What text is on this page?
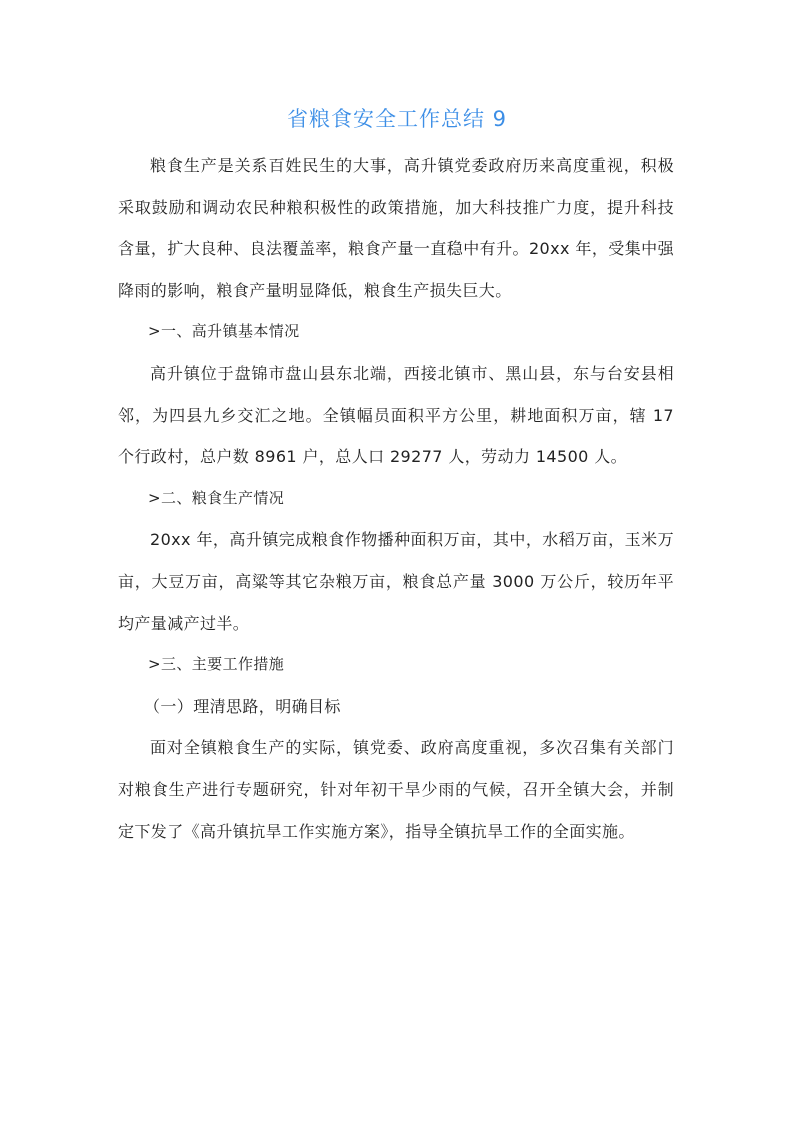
省粮食安全工作总结 9

粮食生产是关系百姓民生的大事，高升镇党委政府历来高度重视，积极采取鼓励和调动农民种粮积极性的政策措施，加大科技推广力度，提升科技含量，扩大良种、良法覆盖率，粮食产量一直稳中有升。20xx 年，受集中强降雨的影响，粮食产量明显降低，粮食生产损失巨大。

>一、高升镇基本情况

高升镇位于盘锦市盘山县东北端，西接北镇市、黑山县，东与台安县相邻，为四县九乡交汇之地。全镇幅员面积平方公里，耕地面积万亩，辖 17 个行政村，总户数 8961 户，总人口 29277 人，劳动力 14500 人。

>二、粮食生产情况

20xx 年，高升镇完成粮食作物播种面积万亩，其中，水稻万亩，玉米万亩，大豆万亩，高粱等其它杂粮万亩，粮食总产量 3000 万公斤，较历年平均产量减产过半。

>三、主要工作措施

（一）理清思路，明确目标

面对全镇粮食生产的实际，镇党委、政府高度重视，多次召集有关部门对粮食生产进行专题研究，针对年初干旱少雨的气候，召开全镇大会，并制定下发了《高升镇抗旱工作实施方案》，指导全镇抗旱工作的全面实施。
